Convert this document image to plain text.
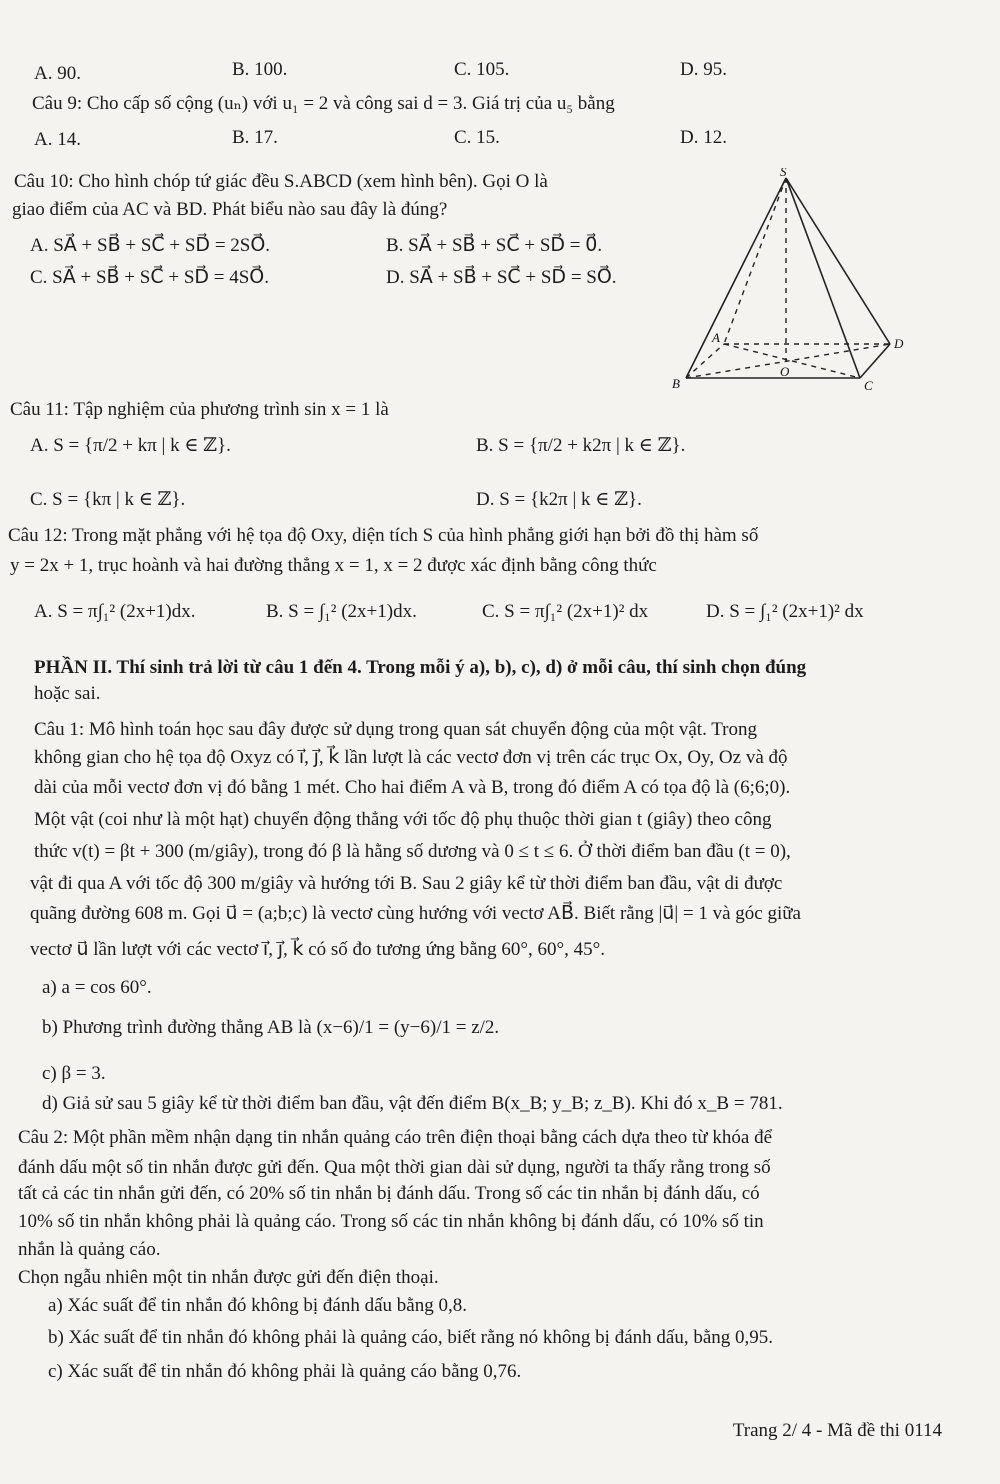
A. 90.	B. 100.	C. 105.	D. 95.
Câu 9: Cho cấp số cộng (uₙ) với u₁ = 2 và công sai d = 3. Giá trị của u₅ bằng
A. 14.	B. 17.	C. 15.	D. 12.
Câu 10: Cho hình chóp tứ giác đều S.ABCD (xem hình bên). Gọi O là
giao điểm của AC và BD. Phát biểu nào sau đây là đúng?
A. SA⃗ + SB⃗ + SC⃗ + SD⃗ = 2SO⃗.	B. SA⃗ + SB⃗ + SC⃗ + SD⃗ = 0⃗.
C. SA⃗ + SB⃗ + SC⃗ + SD⃗ = 4SO⃗.	D. SA⃗ + SB⃗ + SC⃗ + SD⃗ = SO⃗.
S
A
B	C
D
O
Câu 11: Tập nghiệm của phương trình sin x = 1 là
A. S = {π/2 + kπ | k ∈ ℤ}.	B. S = {π/2 + k2π | k ∈ ℤ}.
C. S = {kπ | k ∈ ℤ}.	D. S = {k2π | k ∈ ℤ}.
Câu 12: Trong mặt phẳng với hệ tọa độ Oxy, diện tích S của hình phẳng giới hạn bởi đồ thị hàm số
y = 2x + 1, trục hoành và hai đường thẳng x = 1, x = 2 được xác định bằng công thức
A. S = π∫₁² (2x+1)dx.	B. S = ∫₁² (2x+1)dx.	C. S = π∫₁² (2x+1)² dx	D. S = ∫₁² (2x+1)² dx
PHẦN II. Thí sinh trả lời từ câu 1 đến 4. Trong mỗi ý a), b), c), d) ở mỗi câu, thí sinh chọn đúng
hoặc sai.
Câu 1: Mô hình toán học sau đây được sử dụng trong quan sát chuyển động của một vật. Trong
không gian cho hệ tọa độ Oxyz có i⃗, j⃗, k⃗ lần lượt là các vectơ đơn vị trên các trục Ox, Oy, Oz và độ
dài của mỗi vectơ đơn vị đó bằng 1 mét. Cho hai điểm A và B, trong đó điểm A có tọa độ là (6;6;0).
Một vật (coi như là một hạt) chuyển động thẳng với tốc độ phụ thuộc thời gian t (giây) theo công
thức v(t) = βt + 300 (m/giây), trong đó β là hằng số dương và 0 ≤ t ≤ 6. Ở thời điểm ban đầu (t = 0),
vật đi qua A với tốc độ 300 m/giây và hướng tới B. Sau 2 giây kể từ thời điểm ban đầu, vật di được
quãng đường 608 m. Gọi u⃗ = (a;b;c) là vectơ cùng hướng với vectơ AB⃗. Biết rằng |u⃗| = 1 và góc giữa
vectơ u⃗ lần lượt với các vectơ i⃗, j⃗, k⃗ có số đo tương ứng bằng 60°, 60°, 45°.
a) a = cos 60°.
b) Phương trình đường thẳng AB là (x−6)/1 = (y−6)/1 = z/2.
c) β = 3.
d) Giả sử sau 5 giây kể từ thời điểm ban đầu, vật đến điểm B(x_B; y_B; z_B). Khi đó x_B = 781.
Câu 2: Một phần mềm nhận dạng tin nhắn quảng cáo trên điện thoại bằng cách dựa theo từ khóa để
đánh dấu một số tin nhắn được gửi đến. Qua một thời gian dài sử dụng, người ta thấy rằng trong số
tất cả các tin nhắn gửi đến, có 20% số tin nhắn bị đánh dấu. Trong số các tin nhắn bị đánh dấu, có
10% số tin nhắn không phải là quảng cáo. Trong số các tin nhắn không bị đánh dấu, có 10% số tin
nhắn là quảng cáo.
Chọn ngẫu nhiên một tin nhắn được gửi đến điện thoại.
a) Xác suất để tin nhắn đó không bị đánh dấu bằng 0,8.
b) Xác suất để tin nhắn đó không phải là quảng cáo, biết rằng nó không bị đánh dấu, bằng 0,95.
c) Xác suất để tin nhắn đó không phải là quảng cáo bằng 0,76.
Trang 2/ 4 - Mã đề thi 0114
